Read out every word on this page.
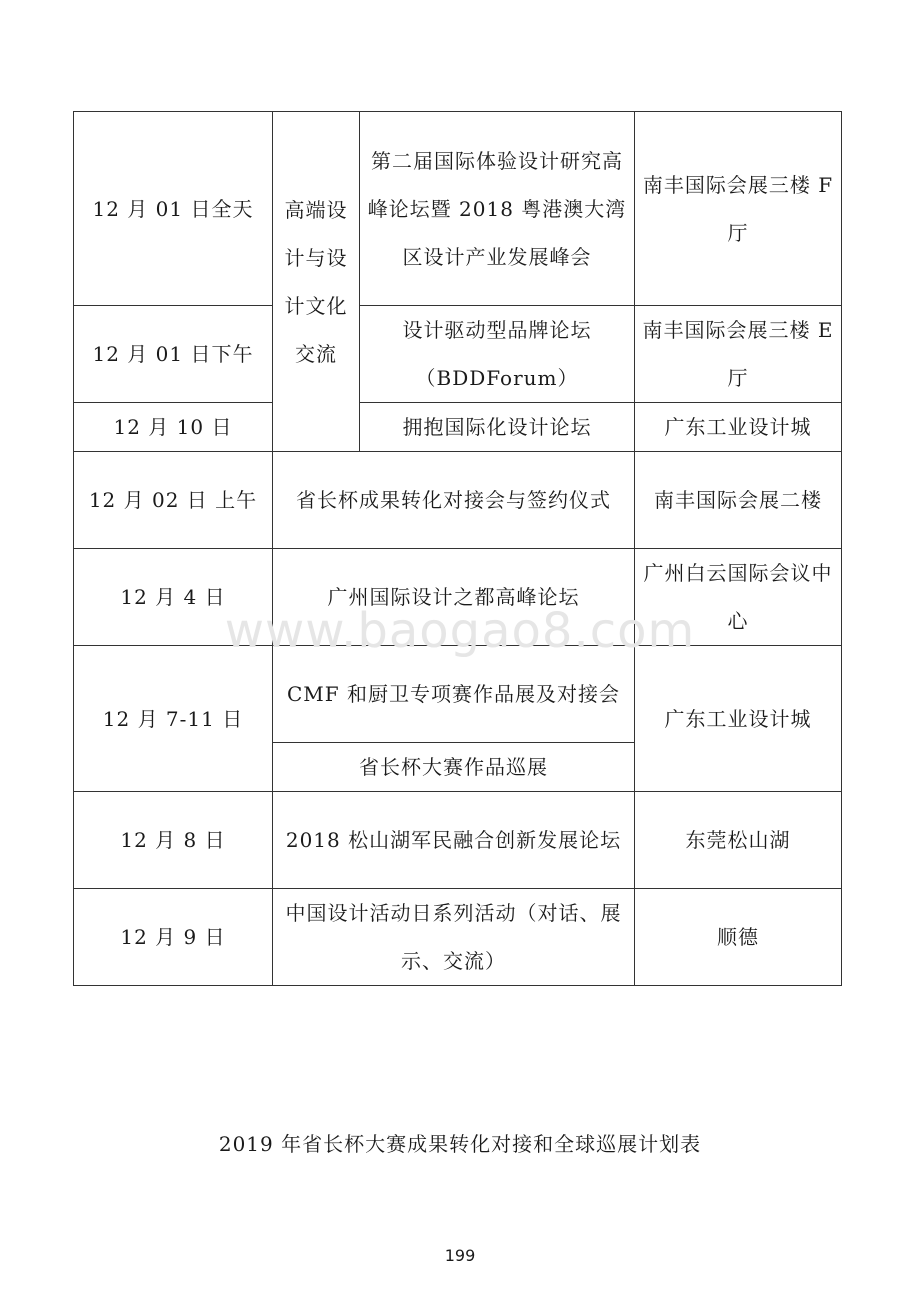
12 月 01 日全天	高端设计与设计文化交流	第二届国际体验设计研究高峰论坛暨 2018 粤港澳大湾区设计产业发展峰会	南丰国际会展三楼 F 厅
12 月 01 日下午		设计驱动型品牌论坛（BDDForum）	南丰国际会展三楼 E 厅
12 月 10 日		拥抱国际化设计论坛	广东工业设计城
12 月 02 日 上午	省长杯成果转化对接会与签约仪式		南丰国际会展二楼
12 月 4 日	广州国际设计之都高峰论坛		广州白云国际会议中心
12 月 7-11 日	CMF 和厨卫专项赛作品展及对接会		广东工业设计城
	省长杯大赛作品巡展		
12 月 8 日	2018 松山湖军民融合创新发展论坛		东莞松山湖
12 月 9 日	中国设计活动日系列活动（对话、展示、交流）		顺德
www.baogao8.com
2019 年省长杯大赛成果转化对接和全球巡展计划表
199
